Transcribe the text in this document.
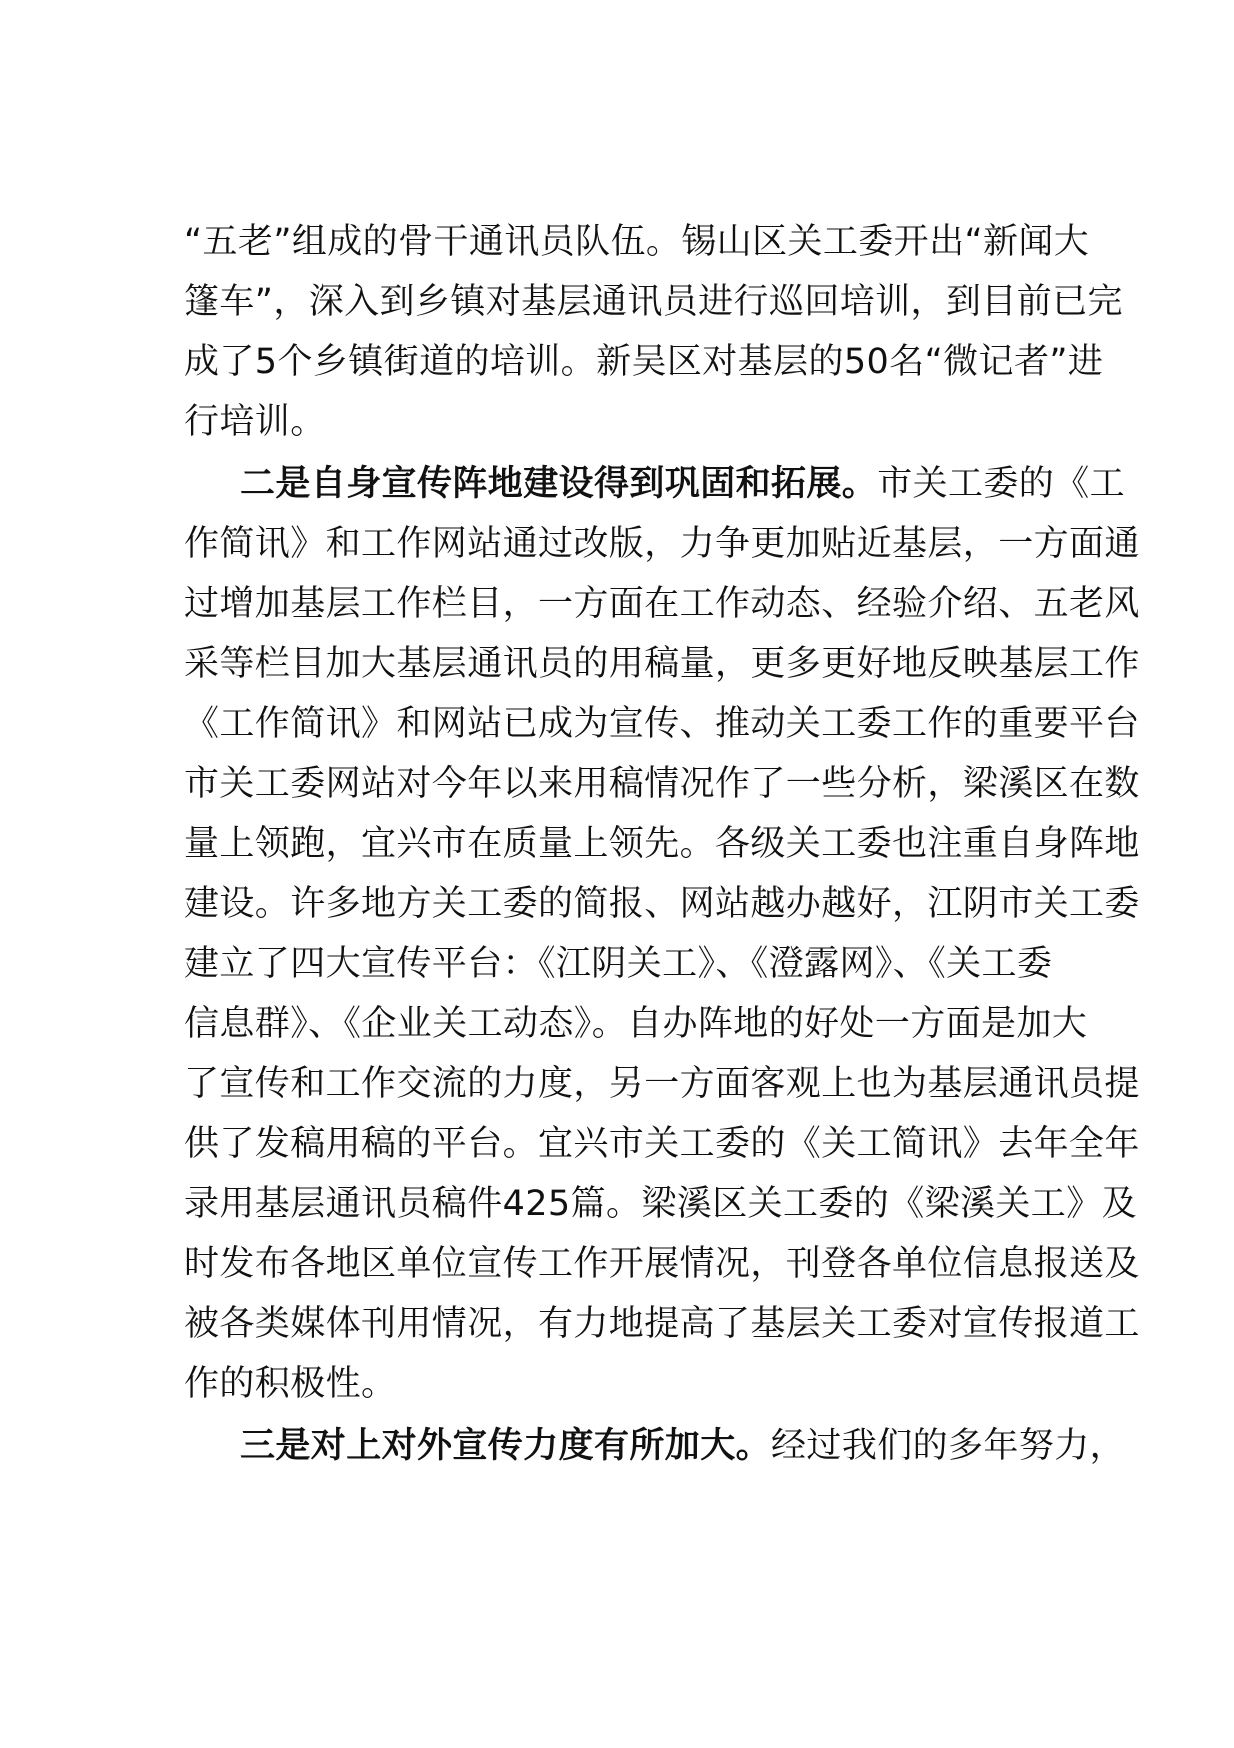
“五老”组成的骨干通讯员队伍。锡山区关工委开出“新闻大
篷车”，深入到乡镇对基层通讯员进行巡回培训，到目前已完
成了5个乡镇街道的培训。新吴区对基层的50名“微记者”进
行培训。
二是自身宣传阵地建设得到巩固和拓展。市关工委的《工
作简讯》和工作网站通过改版，力争更加贴近基层，一方面通
过增加基层工作栏目，一方面在工作动态、经验介绍、五老风
采等栏目加大基层通讯员的用稿量，更多更好地反映基层工作
《工作简讯》和网站已成为宣传、推动关工委工作的重要平台
市关工委网站对今年以来用稿情况作了一些分析，梁溪区在数
量上领跑，宜兴市在质量上领先。各级关工委也注重自身阵地
建设。许多地方关工委的简报、网站越办越好，江阴市关工委
建立了四大宣传平台：《江阴关工》、《澄露网》、《关工委
信息群》、《企业关工动态》。自办阵地的好处一方面是加大
了宣传和工作交流的力度，另一方面客观上也为基层通讯员提
供了发稿用稿的平台。宜兴市关工委的《关工简讯》去年全年
录用基层通讯员稿件425篇。梁溪区关工委的《梁溪关工》及
时发布各地区单位宣传工作开展情况，刊登各单位信息报送及
被各类媒体刊用情况，有力地提高了基层关工委对宣传报道工
作的积极性。
三是对上对外宣传力度有所加大。经过我们的多年努力，
